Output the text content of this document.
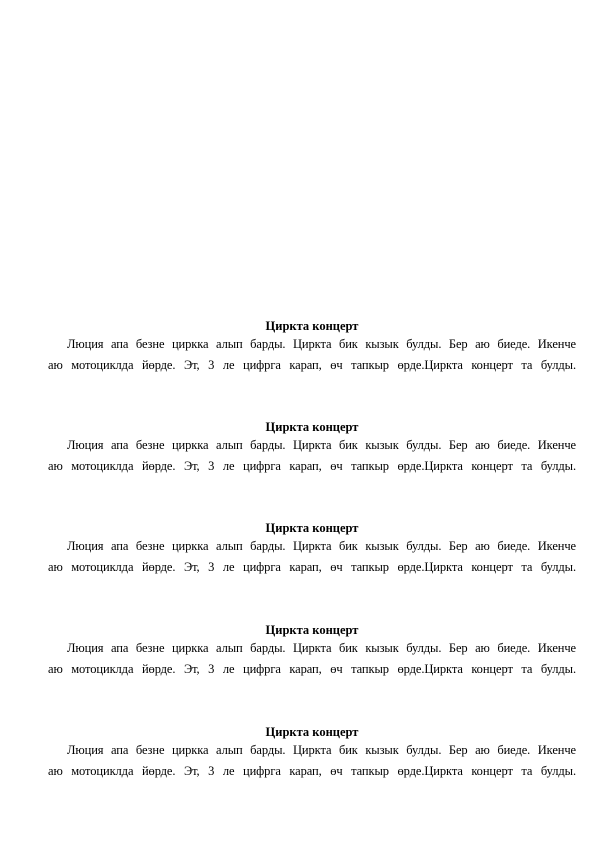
Циркта концерт
Люция апа безне циркка алып барды. Циркта бик кызык булды. Бер аю биеде. Икенче
аю мотоциклда йөрде. Эт, 3 ле цифрга карап, өч тапкыр өрде.Циркта концерт та булды.
Циркта концерт
Люция апа безне циркка алып барды. Циркта бик кызык булды. Бер аю биеде. Икенче
аю мотоциклда йөрде. Эт, 3 ле цифрга карап, өч тапкыр өрде.Циркта концерт та булды.
Циркта концерт
Люция апа безне циркка алып барды. Циркта бик кызык булды. Бер аю биеде. Икенче
аю мотоциклда йөрде. Эт, 3 ле цифрга карап, өч тапкыр өрде.Циркта концерт та булды.
Циркта концерт
Люция апа безне циркка алып барды. Циркта бик кызык булды. Бер аю биеде. Икенче
аю мотоциклда йөрде. Эт, 3 ле цифрга карап, өч тапкыр өрде.Циркта концерт та булды.
Циркта концерт
Люция апа безне циркка алып барды. Циркта бик кызык булды. Бер аю биеде. Икенче
аю мотоциклда йөрде. Эт, 3 ле цифрга карап, өч тапкыр өрде.Циркта концерт та булды.
